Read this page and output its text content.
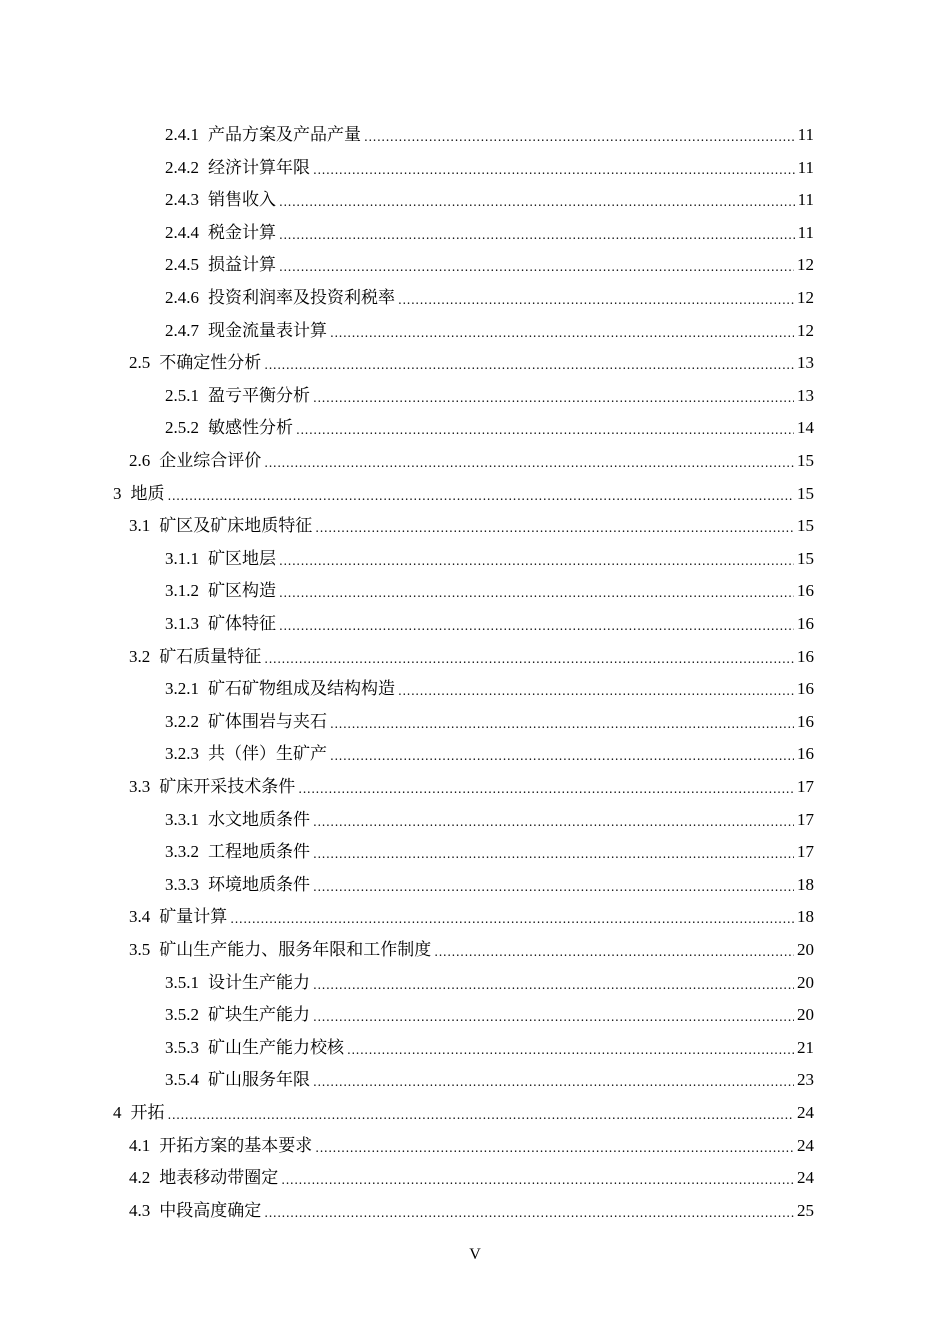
2.4.1 产品方案及产品产量 .....	11
2.4.2 经济计算年限 .....	11
2.4.3 销售收入 .....	11
2.4.4 税金计算 .....	11
2.4.5 损益计算 .....	12
2.4.6 投资利润率及投资利税率 .....	12
2.4.7 现金流量表计算 .....	12
2.5 不确定性分析 .....	13
2.5.1 盈亏平衡分析 .....	13
2.5.2 敏感性分析 .....	14
2.6 企业综合评价 .....	15
3 地质 .....	15
3.1 矿区及矿床地质特征 .....	15
3.1.1 矿区地层 .....	15
3.1.2 矿区构造 .....	16
3.1.3 矿体特征 .....	16
3.2 矿石质量特征 .....	16
3.2.1 矿石矿物组成及结构构造 .....	16
3.2.2 矿体围岩与夹石 .....	16
3.2.3 共（伴）生矿产 .....	16
3.3 矿床开采技术条件 .....	17
3.3.1 水文地质条件 .....	17
3.3.2 工程地质条件 .....	17
3.3.3 环境地质条件 .....	18
3.4 矿量计算 .....	18
3.5 矿山生产能力、服务年限和工作制度 .....	20
3.5.1 设计生产能力 .....	20
3.5.2 矿块生产能力 .....	20
3.5.3 矿山生产能力校核 .....	21
3.5.4 矿山服务年限 .....	23
4 开拓 .....	24
4.1 开拓方案的基本要求 .....	24
4.2 地表移动带圈定 .....	24
4.3 中段高度确定 .....	25
V
